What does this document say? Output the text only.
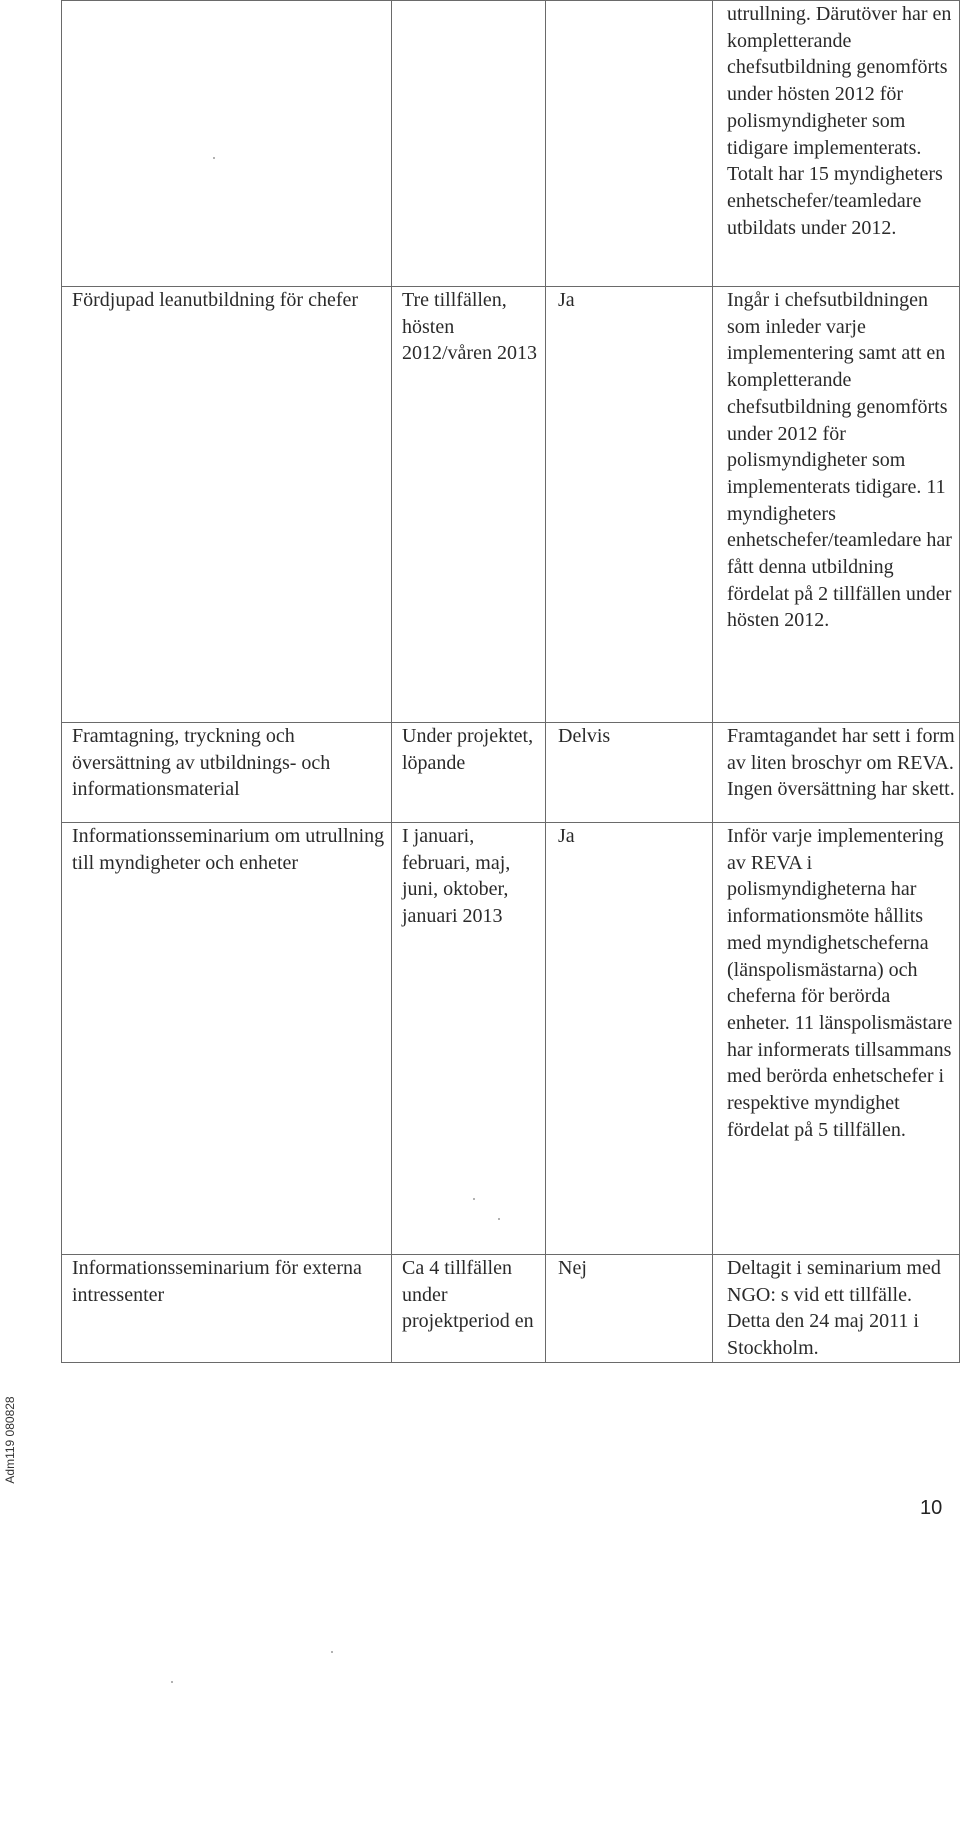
			utrullning. Därutöver har en kompletterande chefsutbildning genomförts under hösten 2012 för polismyndigheter som tidigare implementerats. Totalt har 15 myndigheters enhetschefer/teamledare utbildats under 2012.
Fördjupad leanutbildning för chefer	Tre tillfällen, hösten 2012/våren 2013	Ja	Ingår i chefsutbildningen som inleder varje implementering samt att en kompletterande chefsutbildning genomförts under 2012 för polismyndigheter som implementerats tidigare. 11 myndigheters enhetschefer/teamledare har fått denna utbildning fördelat på 2 tillfällen under hösten 2012.
Framtagning, tryckning och översättning av utbildnings- och informationsmaterial	Under projektet, löpande	Delvis	Framtagandet har sett i form av liten broschyr om REVA. Ingen översättning har skett.
Informationsseminarium om utrullning till myndigheter och enheter	I januari, februari, maj, juni, oktober, januari 2013	Ja	Inför varje implementering av REVA i polismyndigheterna har informationsmöte hållits med myndighetscheferna (länspolismästarna) och cheferna för berörda enheter. 11 länspolismästare har informerats tillsammans med berörda enhetschefer i respektive myndighet fördelat på 5 tillfällen.
Informationsseminarium för externa intressenter	Ca 4 tillfällen under projektperiod en	Nej	Deltagit i seminarium med NGO: s vid ett tillfälle. Detta den 24 maj 2011 i Stockholm.
Adm119 080828
10
